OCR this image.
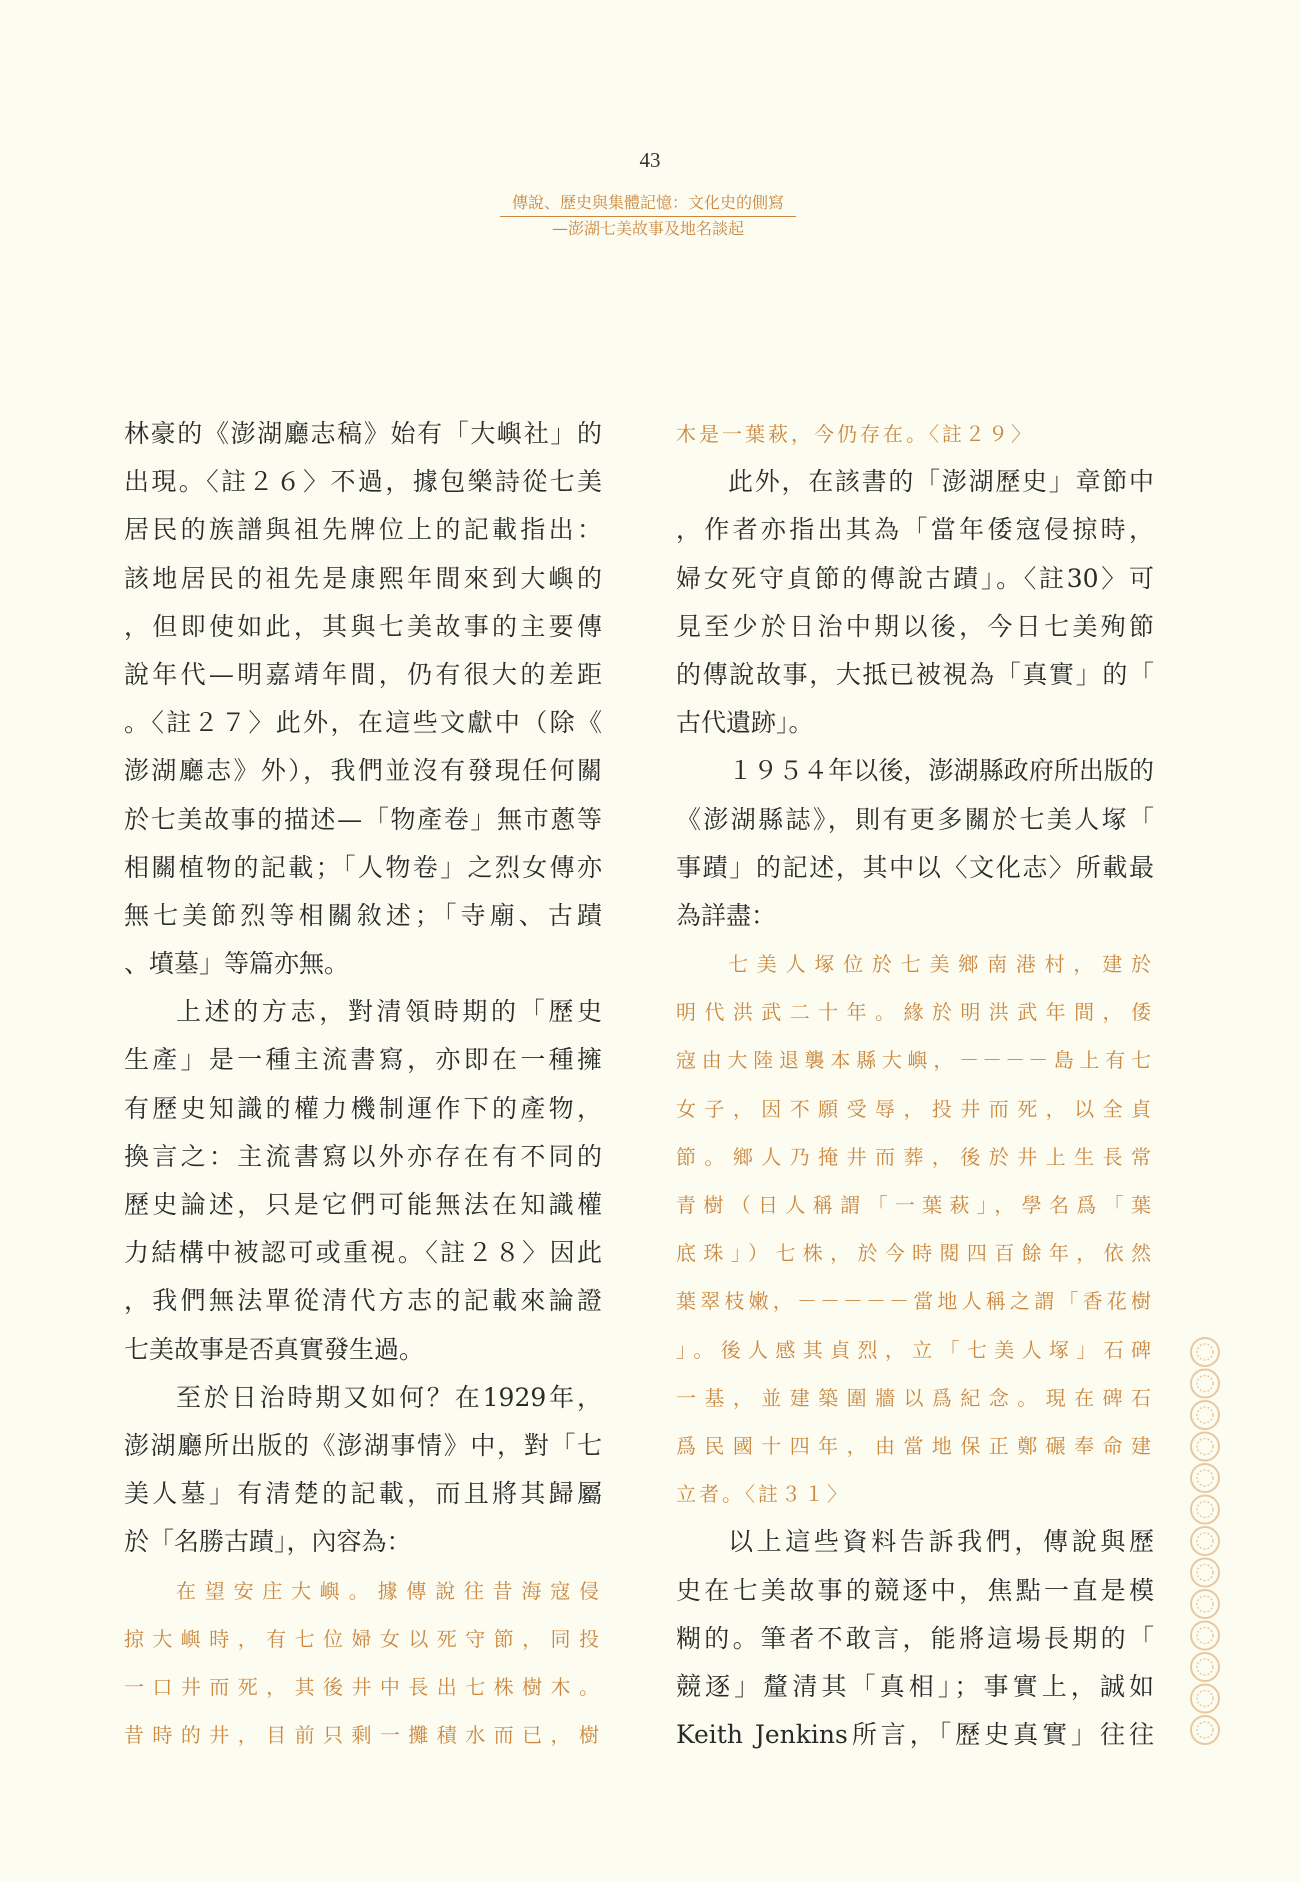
43
傳說、歷史與集體記憶：文化史的側寫
—澎湖七美故事及地名談起
林豪的《澎湖廳志稿》始有「大嶼社」的
出現。〈註２６〉不過，據包樂詩從七美
居民的族譜與祖先牌位上的記載指出：
該地居民的祖先是康熙年間來到大嶼的
，但即使如此，其與七美故事的主要傳
說年代—明嘉靖年間，仍有很大的差距
。〈註２７〉此外，在這些文獻中（除《
澎湖廳志》外），我們並沒有發現任何關
於七美故事的描述—「物產卷」無市蔥等
相關植物的記載；「人物卷」之烈女傳亦
無七美節烈等相關敘述；「寺廟、古蹟
、墳墓」等篇亦無。
上述的方志，對清領時期的「歷史
生產」是一種主流書寫，亦即在一種擁
有歷史知識的權力機制運作下的產物，
換言之：主流書寫以外亦存在有不同的
歷史論述，只是它們可能無法在知識權
力結構中被認可或重視。〈註２８〉因此
，我們無法單從清代方志的記載來論證
七美故事是否真實發生過。
至於日治時期又如何？在1929年，
澎湖廳所出版的《澎湖事情》中，對「七
美人墓」有清楚的記載，而且將其歸屬
於「名勝古蹟」，內容為：
在望安庄大嶼。據傳說往昔海寇侵
掠大嶼時，有七位婦女以死守節，同投
一口井而死，其後井中長出七株樹木。
昔時的井，目前只剩一攤積水而已，樹
木是一葉萩，今仍存在。〈註２９〉
此外，在該書的「澎湖歷史」章節中
，作者亦指出其為「當年倭寇侵掠時，
婦女死守貞節的傳說古蹟」。〈註30〉可
見至少於日治中期以後，今日七美殉節
的傳說故事，大抵已被視為「真實」的「
古代遺跡」。
１９５４年以後，澎湖縣政府所出版的
《澎湖縣誌》，則有更多關於七美人塚「
事蹟」的記述，其中以〈文化志〉所載最
為詳盡：
七美人塚位於七美鄉南港村，建於
明代洪武二十年。緣於明洪武年間，倭
寇由大陸退襲本縣大嶼，－－－－島上有七
女子，因不願受辱，投井而死，以全貞
節。鄉人乃掩井而葬，後於井上生長常
青樹（日人稱謂「一葉萩」，學名爲「葉
底珠」）七株，於今時閱四百餘年，依然
葉翠枝嫩，－－－－－當地人稱之謂「香花樹
」。後人感其貞烈，立「七美人塚」石碑
一基，並建築圍牆以爲紀念。現在碑石
爲民國十四年，由當地保正鄭碾奉命建
立者。〈註３１〉
以上這些資料告訴我們，傳說與歷
史在七美故事的競逐中，焦點一直是模
糊的。筆者不敢言，能將這場長期的「
競逐」釐清其「真相」；事實上，誠如
Keith Jenkins所言，「歷史真實」往往
